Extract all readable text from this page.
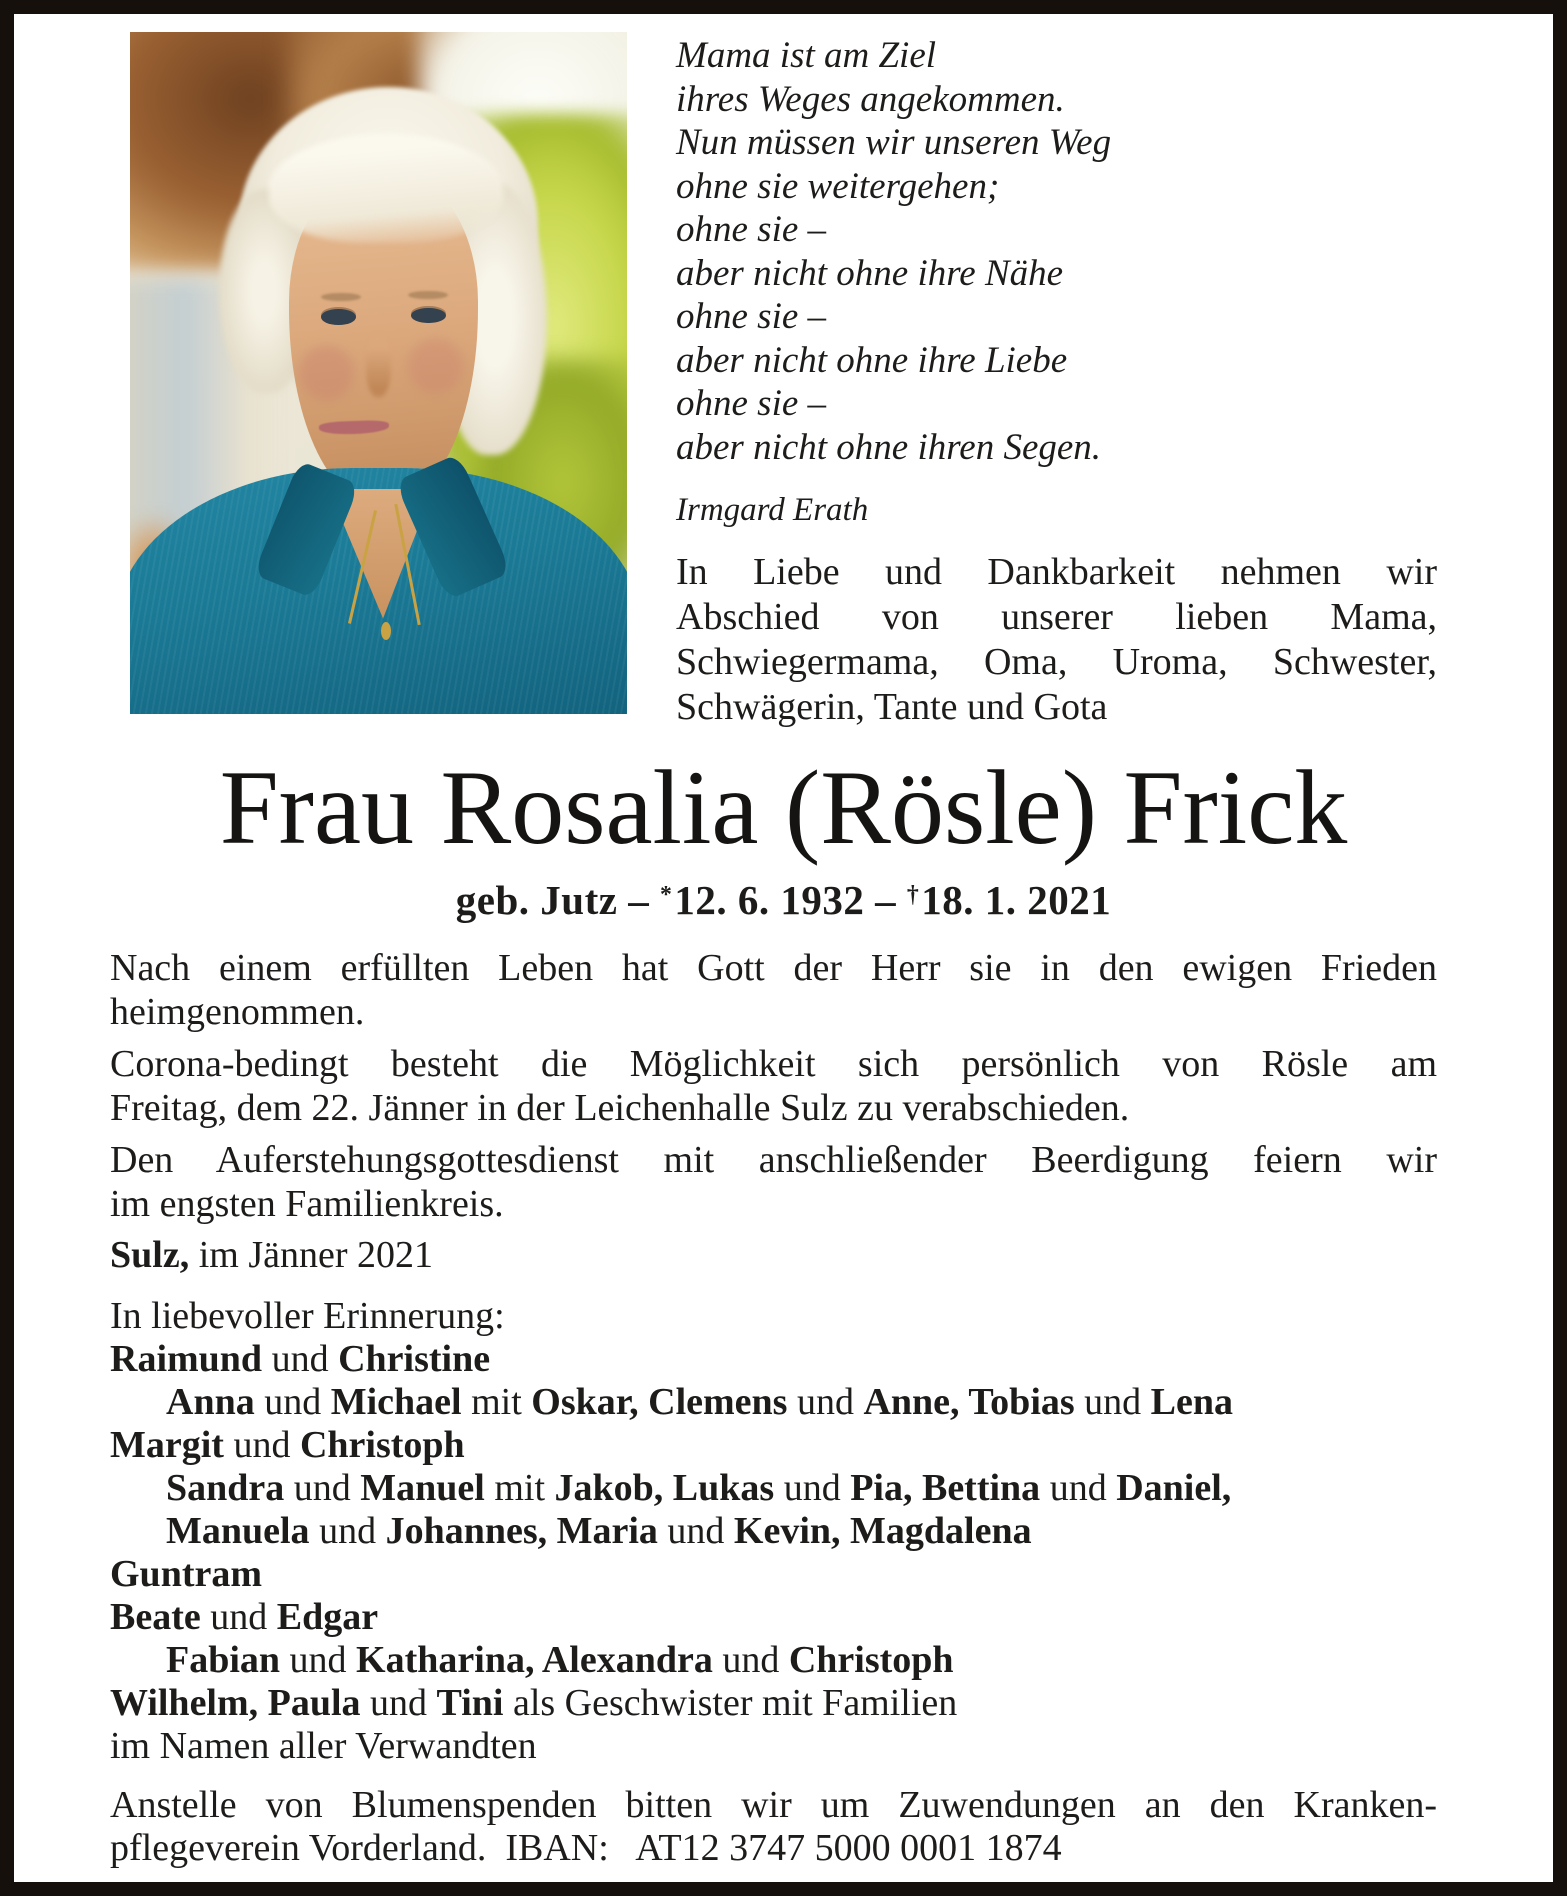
Mama ist am Ziel
ihres Weges angekommen.
Nun müssen wir unseren Weg
ohne sie weitergehen;
ohne sie –
aber nicht ohne ihre Nähe
ohne sie –
aber nicht ohne ihre Liebe
ohne sie –
aber nicht ohne ihren Segen.
Irmgard Erath
In Liebe und Dankbarkeit nehmen wir
Abschied von unserer lieben Mama,
Schwiegermama, Oma, Uroma, Schwester,
Schwägerin, Tante und Gota
Frau Rosalia (Rösle) Frick
geb. Jutz – *12. 6. 1932 – †18. 1. 2021

Nach einem erfüllten Leben hat Gott der Herr sie in den ewigen Frieden
heimgenommen.

Corona-bedingt besteht die Möglichkeit sich persönlich von Rösle am
Freitag, dem 22. Jänner in der Leichenhalle Sulz zu verabschieden.

Den Auferstehungsgottesdienst mit anschließender Beerdigung feiern wir
im engsten Familienkreis.

Sulz, im Jänner 2021
In liebevoller Erinnerung:
Raimund und Christine
Anna und Michael mit Oskar, Clemens und Anne, Tobias und Lena
Margit und Christoph
Sandra und Manuel mit Jakob, Lukas und Pia, Bettina und Daniel,
Manuela und Johannes, Maria und Kevin, Magdalena
Guntram
Beate und Edgar
Fabian und Katharina, Alexandra und Christoph
Wilhelm, Paula und Tini als Geschwister mit Familien
im Namen aller Verwandten
Anstelle von Blumenspenden bitten wir um Zuwendungen an den Kranken-
pflegeverein Vorderland. IBAN:  AT12 3747 5000 0001 1874
